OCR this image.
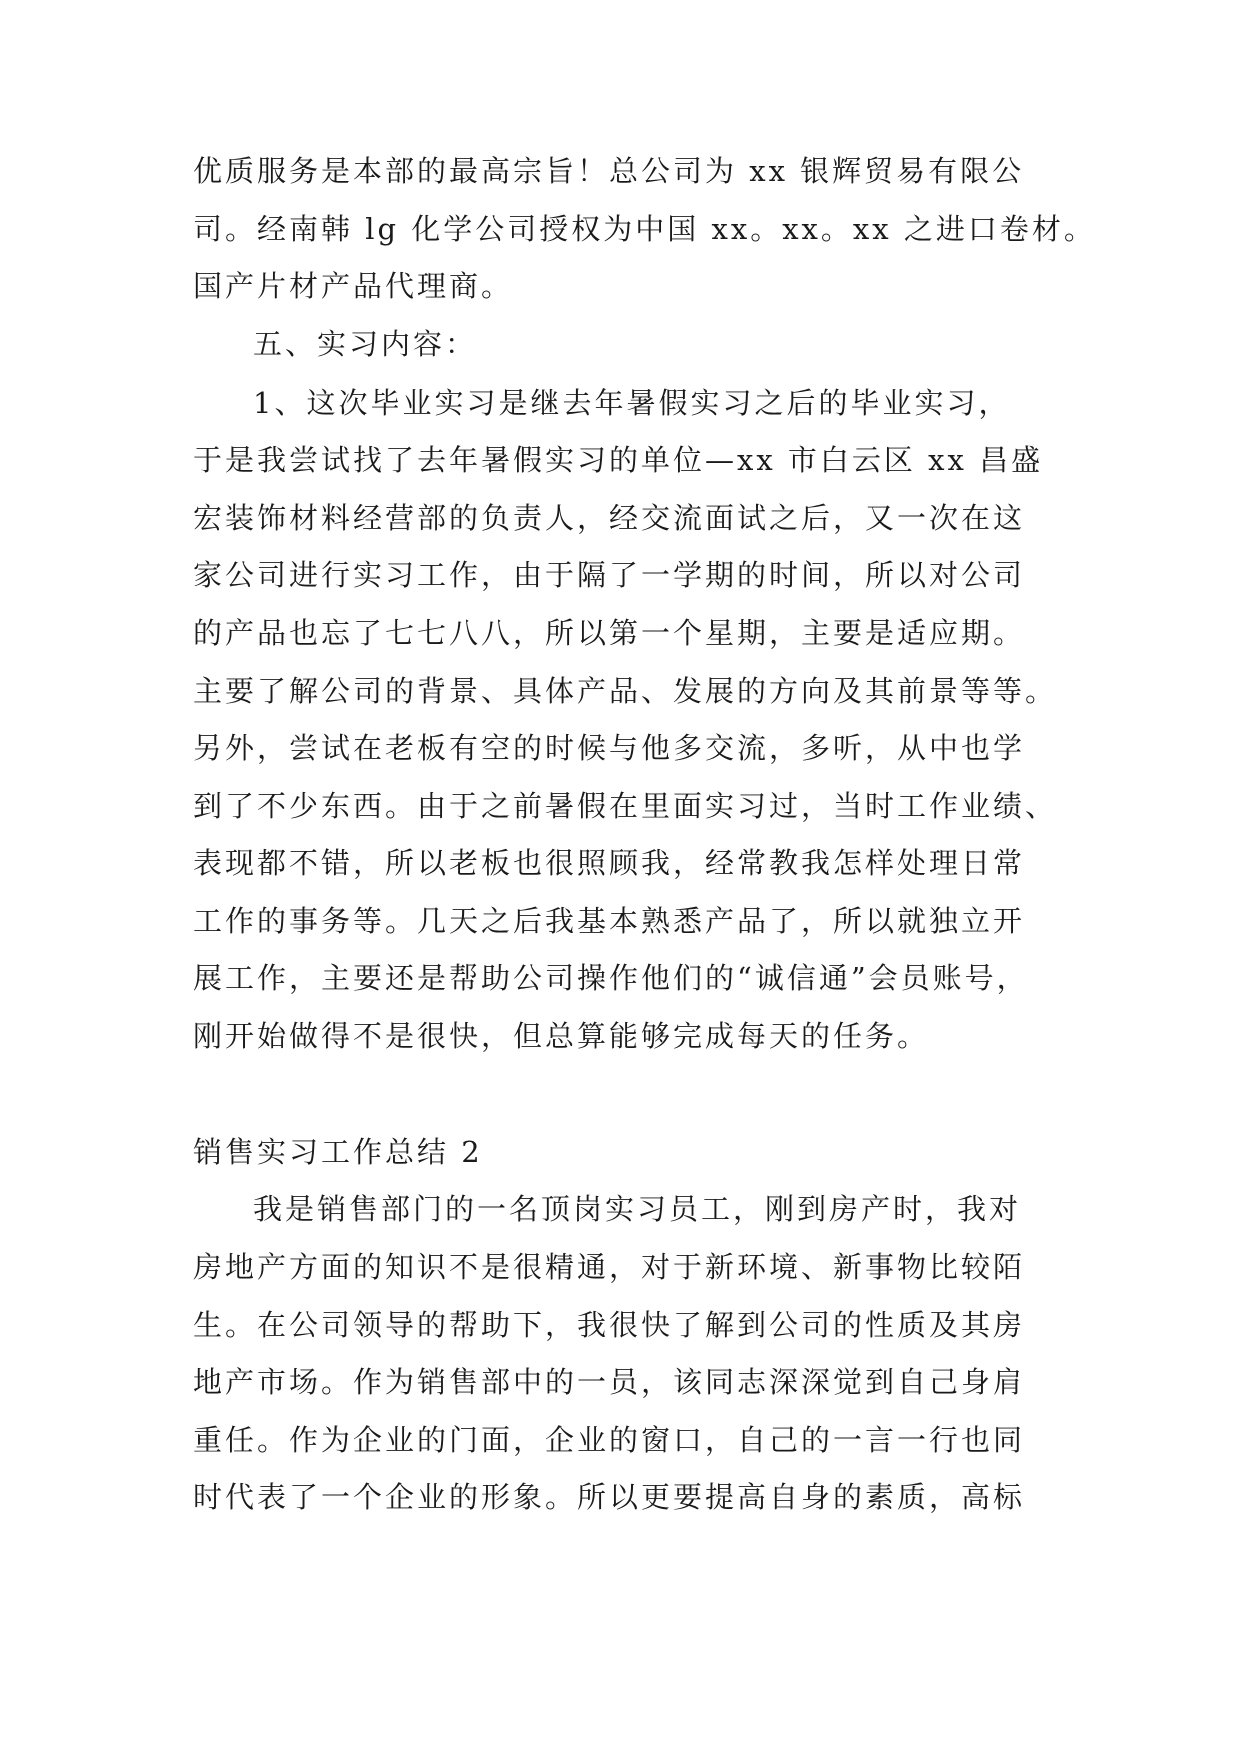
优质服务是本部的最高宗旨！总公司为 xx 银辉贸易有限公
司。经南韩 lg 化学公司授权为中国 xx。xx。xx 之进口卷材。
国产片材产品代理商。
五、实习内容：
1、这次毕业实习是继去年暑假实习之后的毕业实习，
于是我尝试找了去年暑假实习的单位—xx 市白云区 xx 昌盛
宏装饰材料经营部的负责人，经交流面试之后，又一次在这
家公司进行实习工作，由于隔了一学期的时间，所以对公司
的产品也忘了七七八八，所以第一个星期，主要是适应期。
主要了解公司的背景、具体产品、发展的方向及其前景等等。
另外，尝试在老板有空的时候与他多交流，多听，从中也学
到了不少东西。由于之前暑假在里面实习过，当时工作业绩、
表现都不错，所以老板也很照顾我，经常教我怎样处理日常
工作的事务等。几天之后我基本熟悉产品了，所以就独立开
展工作，主要还是帮助公司操作他们的“诚信通”会员账号，
刚开始做得不是很快，但总算能够完成每天的任务。
销售实习工作总结 2
我是销售部门的一名顶岗实习员工，刚到房产时，我对
房地产方面的知识不是很精通，对于新环境、新事物比较陌
生。在公司领导的帮助下，我很快了解到公司的性质及其房
地产市场。作为销售部中的一员，该同志深深觉到自己身肩
重任。作为企业的门面，企业的窗口，自己的一言一行也同
时代表了一个企业的形象。所以更要提高自身的素质，高标
